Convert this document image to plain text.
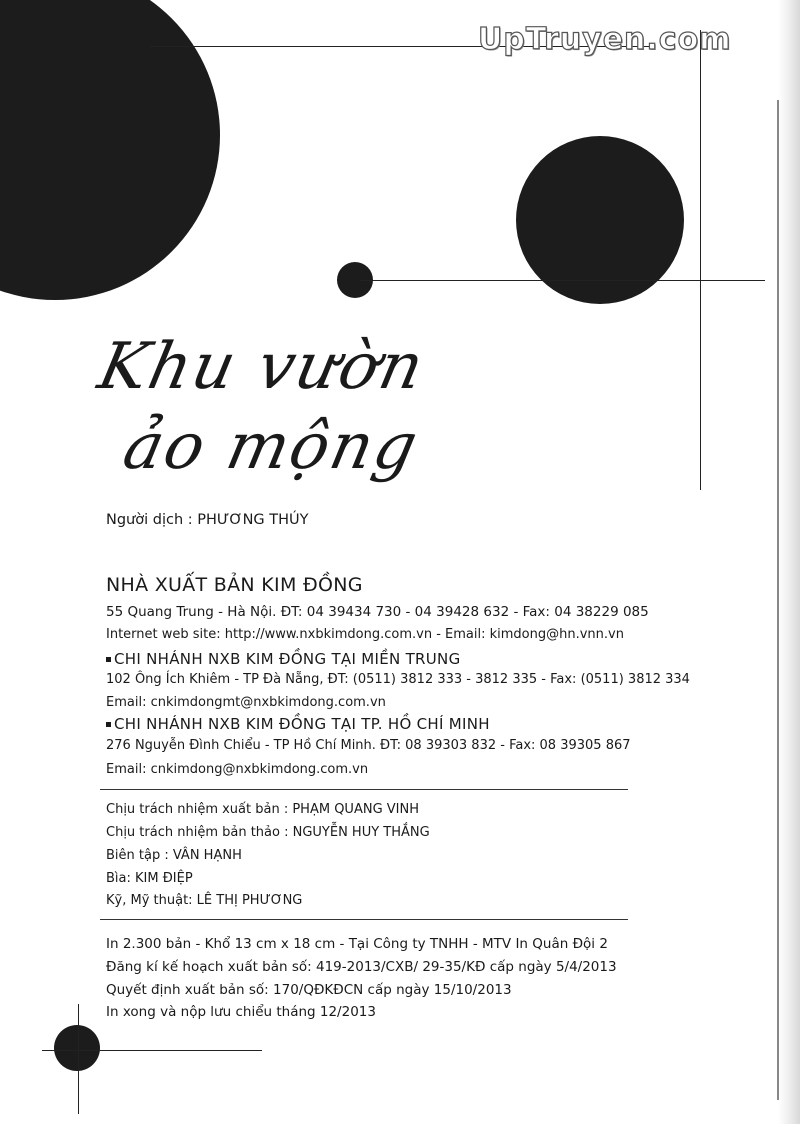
UpTruyen.com
Khu vườn
ảo mộng
Người dịch : PHƯƠNG THÚY
NHÀ XUẤT BẢN KIM ĐỒNG
55 Quang Trung - Hà Nội. ĐT: 04 39434 730 - 04 39428 632 - Fax: 04 38229 085
Internet web site: http://www.nxbkimdong.com.vn - Email: kimdong@hn.vnn.vn
CHI NHÁNH NXB KIM ĐỒNG TẠI MIỀN TRUNG
102 Ông Ích Khiêm - TP Đà Nẵng, ĐT: (0511) 3812 333 - 3812 335 - Fax: (0511) 3812 334
Email: cnkimdongmt@nxbkimdong.com.vn
CHI NHÁNH NXB KIM ĐỒNG TẠI TP. HỒ CHÍ MINH
276 Nguyễn Đình Chiểu - TP Hồ Chí Minh. ĐT: 08 39303 832 - Fax: 08 39305 867
Email: cnkimdong@nxbkimdong.com.vn
Chịu trách nhiệm xuất bản : PHẠM QUANG VINH
Chịu trách nhiệm bản thảo : NGUYỄN HUY THẮNG
Biên tập : VÂN HẠNH
Bìa: KIM ĐIỆP
Kỹ, Mỹ thuật: LÊ THỊ PHƯƠNG
In 2.300 bản - Khổ 13 cm x 18 cm - Tại Công ty TNHH - MTV In Quân Đội 2
Đăng kí kế hoạch xuất bản số: 419-2013/CXB/ 29-35/KĐ cấp ngày 5/4/2013
Quyết định xuất bản số: 170/QĐKĐCN cấp ngày 15/10/2013
In xong và nộp lưu chiểu tháng 12/2013
